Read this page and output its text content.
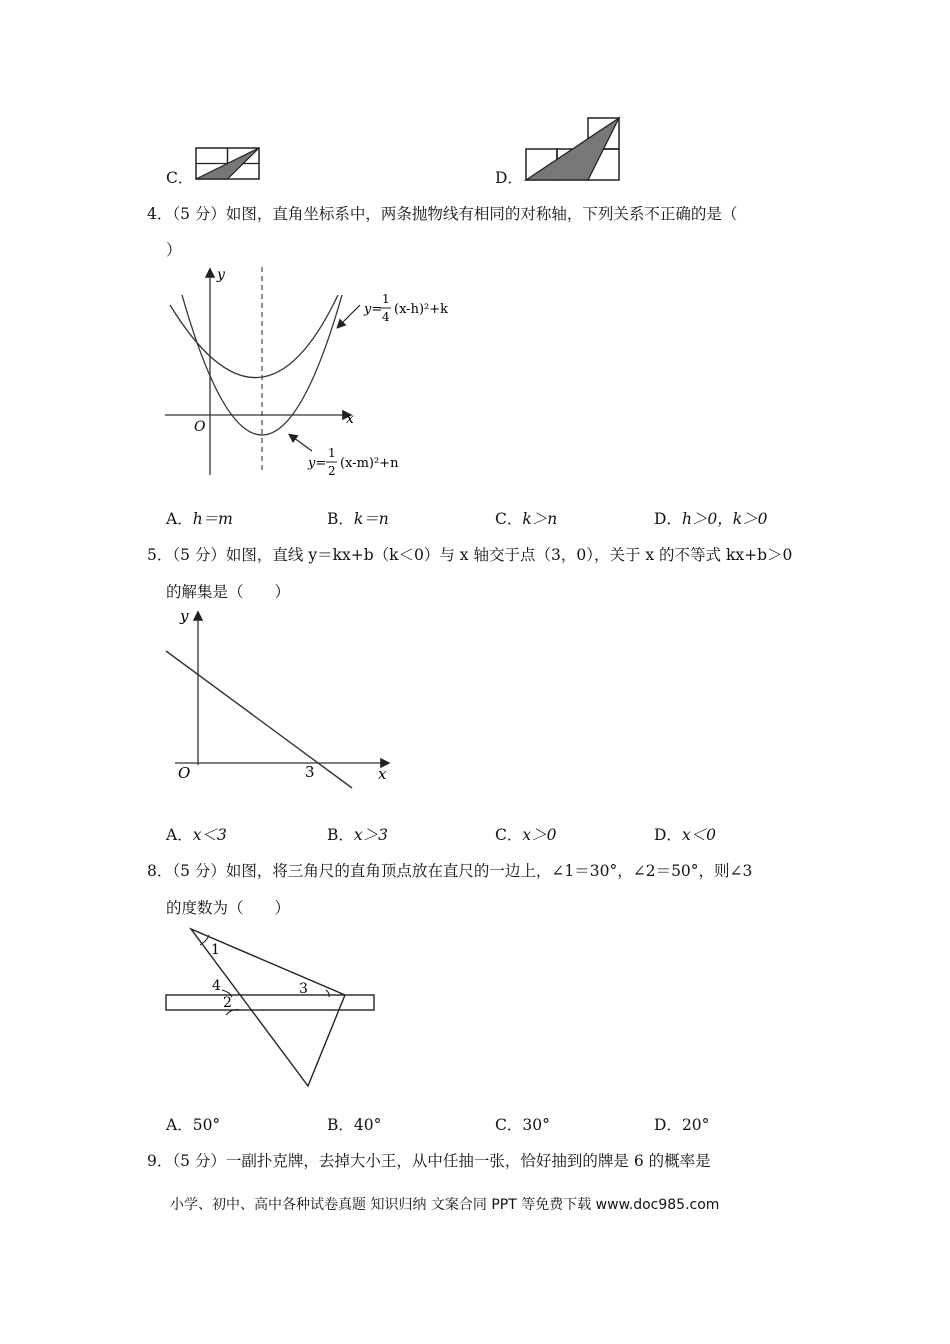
C．	D．
4．（5 分）如图，直角坐标系中，两条抛物线有相同的对称轴，下列关系不正确的是（
）
y
x
O
y=
1
4 (x-h)²+k
y=
1
2 (x-m)²+n
A．h＝m	B．k＝n	C．k＞n	D．h＞0，k＞0
5．（5 分）如图，直线 y＝kx+b（k＜0）与 x 轴交于点（3，0），关于 x 的不等式 kx+b＞0
的解集是（　　）
y
x
O	3
A．x＜3	B．x＞3	C．x＞0	D．x＜0
8．（5 分）如图，将三角尺的直角顶点放在直尺的一边上，∠1＝30°，∠2＝50°，则∠3
的度数为（　　）
1
4
2
3
A．50°	B．40°	C．30°	D．20°
9．（5 分）一副扑克牌，去掉大小王，从中任抽一张，恰好抽到的牌是 6 的概率是
小学、初中、高中各种试卷真题 知识归纳 文案合同 PPT 等免费下载 www.doc985.com
